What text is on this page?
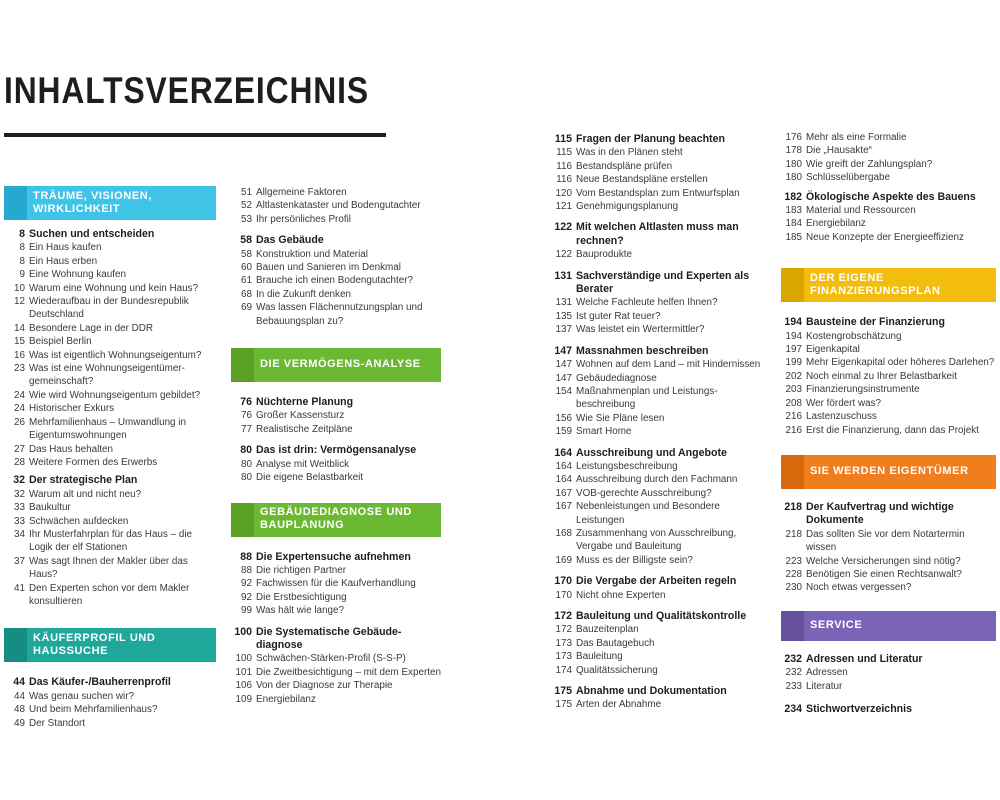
INHALTSVERZEICHNIS
TRÄUME, VISIONEN, WIRKLICHKEIT
8 Suchen und entscheiden
8 Ein Haus kaufen
8 Ein Haus erben
9 Eine Wohnung kaufen
10 Warum eine Wohnung und kein Haus?
12 Wiederaufbau in der Bundesrepublik Deutschland
14 Besondere Lage in der DDR
15 Beispiel Berlin
16 Was ist eigentlich Wohnungseigentum?
23 Was ist eine Wohnungseigentümer-gemeinschaft?
24 Wie wird Wohnungseigentum gebildet?
24 Historischer Exkurs
26 Mehrfamilienhaus – Umwandlung in Eigentumswohnungen
27 Das Haus behalten
28 Weitere Formen des Erwerbs
32 Der strategische Plan
32 Warum alt und nicht neu?
33 Baukultur
33 Schwächen aufdecken
34 Ihr Musterfahrplan für das Haus – die Logik der elf Stationen
37 Was sagt Ihnen der Makler über das Haus?
41 Den Experten schon vor dem Makler konsultieren
KÄUFERPROFIL UND HAUSSUCHE
44 Das Käufer-/Bauherrenprofil
44 Was genau suchen wir?
48 Und beim Mehrfamilienhaus?
49 Der Standort
51 Allgemeine Faktoren
52 Altlastenkataster und Bodengutachter
53 Ihr persönliches Profil
58 Das Gebäude
58 Konstruktion und Material
60 Bauen und Sanieren im Denkmal
61 Brauche ich einen Bodengutachter?
68 In die Zukunft denken
69 Was lassen Flächennutzungsplan und Bebauungsplan zu?
DIE VERMÖGENS-ANALYSE
76 Nüchterne Planung
76 Großer Kassensturz
77 Realistische Zeitpläne
80 Das ist drin: Vermögensanalyse
80 Analyse mit Weitblick
80 Die eigene Belastbarkeit
GEBÄUDEDIAGNOSE UND BAUPLANUNG
88 Die Expertensuche aufnehmen
88 Die richtigen Partner
92 Fachwissen für die Kaufverhandlung
92 Die Erstbesichtigung
99 Was hält wie lange?
100 Die Systematische Gebäude-diagnose
100 Schwächen-Stärken-Profil (S-S-P)
101 Die Zweitbesichtigung – mit dem Experten
106 Von der Diagnose zur Therapie
109 Energiebilanz
115 Fragen der Planung beachten
115 Was in den Plänen steht
116 Bestandspläne prüfen
116 Neue Bestandspläne erstellen
120 Vom Bestandsplan zum Entwurfsplan
121 Genehmigungsplanung
122 Mit welchen Altlasten muss man rechnen?
122 Bauprodukte
131 Sachverständige und Experten als Berater
131 Welche Fachleute helfen Ihnen?
135 Ist guter Rat teuer?
137 Was leistet ein Wertermittler?
147 Massnahmen beschreiben
147 Wohnen auf dem Land – mit Hindernissen
147 Gebäudediagnose
154 Maßnahmenplan und Leistungs-beschreibung
156 Wie Sie Pläne lesen
159 Smart Home
164 Ausschreibung und Angebote
164 Leistungsbeschreibung
164 Ausschreibung durch den Fachmann
167 VOB-gerechte Ausschreibung?
167 Nebenleistungen und Besondere Leistungen
168 Zusammenhang von Ausschreibung, Vergabe und Bauleitung
169 Muss es der Billigste sein?
170 Die Vergabe der Arbeiten regeln
170 Nicht ohne Experten
172 Bauleitung und Qualitätskontrolle
172 Bauzeitenplan
173 Das Bautagebuch
173 Bauleitung
174 Qualitätssicherung
175 Abnahme und Dokumentation
175 Arten der Abnahme
176 Mehr als eine Formalie
178 Die „Hausakte“
180 Wie greift der Zahlungsplan?
180 Schlüsselübergabe
182 Ökologische Aspekte des Bauens
183 Material und Ressourcen
184 Energiebilanz
185 Neue Konzepte der Energieeffizienz
DER EIGENE FINANZIERUNGSPLAN
194 Bausteine der Finanzierung
194 Kostengrobschätzung
197 Eigenkapital
199 Mehr Eigenkapital oder höheres Darlehen?
202 Noch einmal zu Ihrer Belastbarkeit
203 Finanzierungsinstrumente
208 Wer fördert was?
216 Lastenzuschuss
216 Erst die Finanzierung, dann das Projekt
SIE WERDEN EIGENTÜMER
218 Der Kaufvertrag und wichtige Dokumente
218 Das sollten Sie vor dem Notartermin wissen
223 Welche Versicherungen sind nötig?
228 Benötigen Sie einen Rechtsanwalt?
230 Noch etwas vergessen?
SERVICE
232 Adressen und Literatur
232 Adressen
233 Literatur
234 Stichwortverzeichnis
